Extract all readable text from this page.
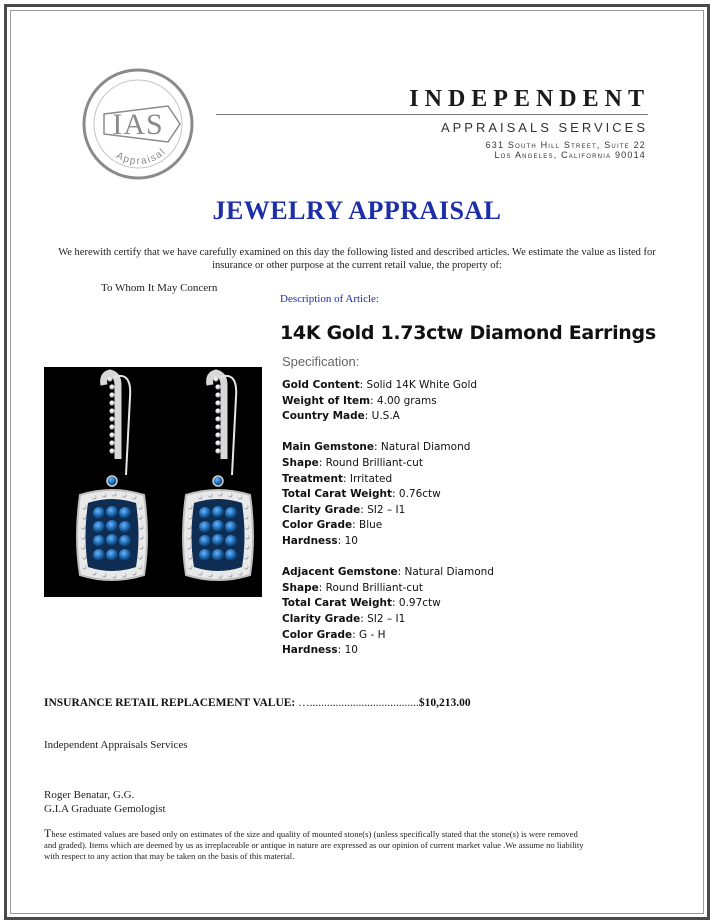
IAS
Appraisal
INDEPENDENT
APPRAISALS SERVICES
631 South Hill Street, Suite 22
Los Angeles, California 90014
JEWELRY APPRAISAL
We herewith certify that we have carefully examined on this day the following listed and described articles. We estimate the value as listed for insurance or other purpose at the current retail value, the property of:
To Whom It May Concern
Description of Article:
14K Gold 1.73ctw Diamond Earrings
Specification:
Gold Content: Solid 14K White Gold
Weight of Item: 4.00 grams
Country Made: U.S.A
Main Gemstone: Natural Diamond
Shape: Round Brilliant-cut
Treatment: Irritated
Total Carat Weight: 0.76ctw
Clarity Grade: SI2 – I1
Color Grade: Blue
Hardness: 10
Adjacent Gemstone: Natural Diamond
Shape: Round Brilliant-cut
Total Carat Weight: 0.97ctw
Clarity Grade: SI2 – I1
Color Grade: G - H
Hardness: 10
INSURANCE RETAIL REPLACEMENT VALUE: …......................................$10,213.00
Independent Appraisals Services
Roger Benatar, G.G.
G.I.A Graduate Gemologist
These estimated values are based only on estimates of the size and quality of mounted stone(s) (unless specifically stated that the stone(s) is were removed and graded). Items which are deemed by us as irreplaceable or antique in nature are expressed as our opinion of current market value .We assume no liability with respect to any action that may be taken on the basis of this material.
